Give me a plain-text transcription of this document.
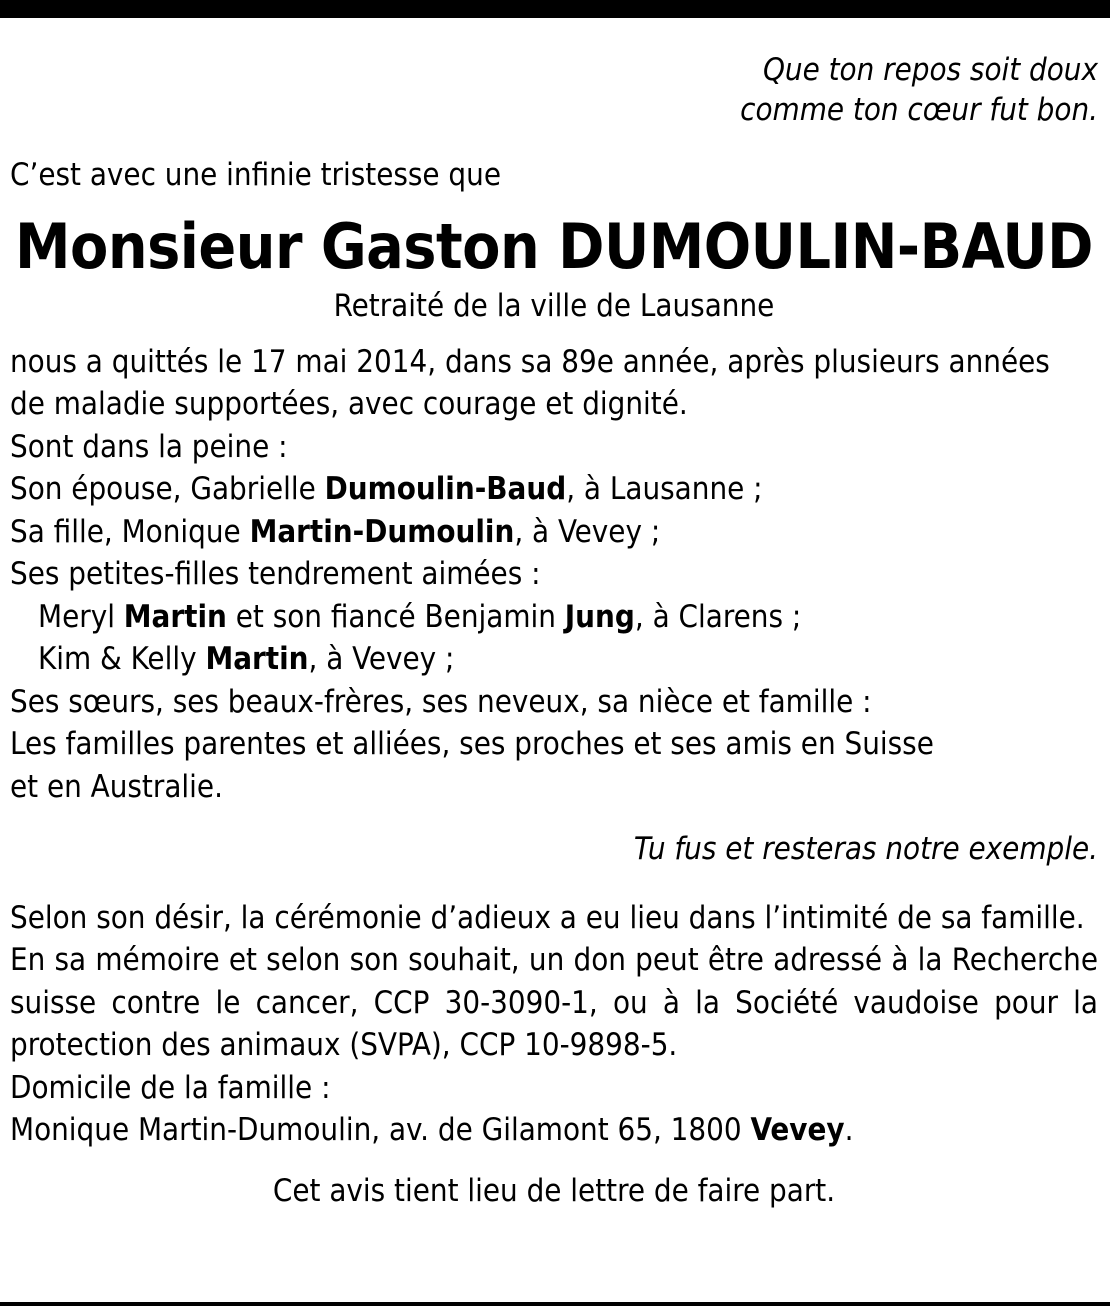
Que ton repos soit doux
comme ton cœur fut bon.
C’est avec une infinie tristesse que
Monsieur Gaston DUMOULIN-BAUD
Retraité de la ville de Lausanne
nous a quittés le 17 mai 2014, dans sa 89e année, après plusieurs années
de maladie supportées, avec courage et dignité.
Sont dans la peine :
Son épouse, Gabrielle Dumoulin-Baud, à Lausanne ;
Sa fille, Monique Martin-Dumoulin, à Vevey ;
Ses petites-filles tendrement aimées :
Meryl Martin et son fiancé Benjamin Jung, à Clarens ;
Kim & Kelly Martin, à Vevey ;
Ses sœurs, ses beaux-frères, ses neveux, sa nièce et famille :
Les familles parentes et alliées, ses proches et ses amis en Suisse
et en Australie.
Tu fus et resteras notre exemple.
Selon son désir, la cérémonie d’adieux a eu lieu dans l’intimité de sa famille.
En sa mémoire et selon son souhait, un don peut être adressé à la Recherche suisse contre le cancer, CCP 30-3090-1, ou à la Société vaudoise pour la protection des animaux (SVPA), CCP 10-9898-5.
Domicile de la famille :
Monique Martin-Dumoulin, av. de Gilamont 65, 1800 Vevey.
Cet avis tient lieu de lettre de faire part.
